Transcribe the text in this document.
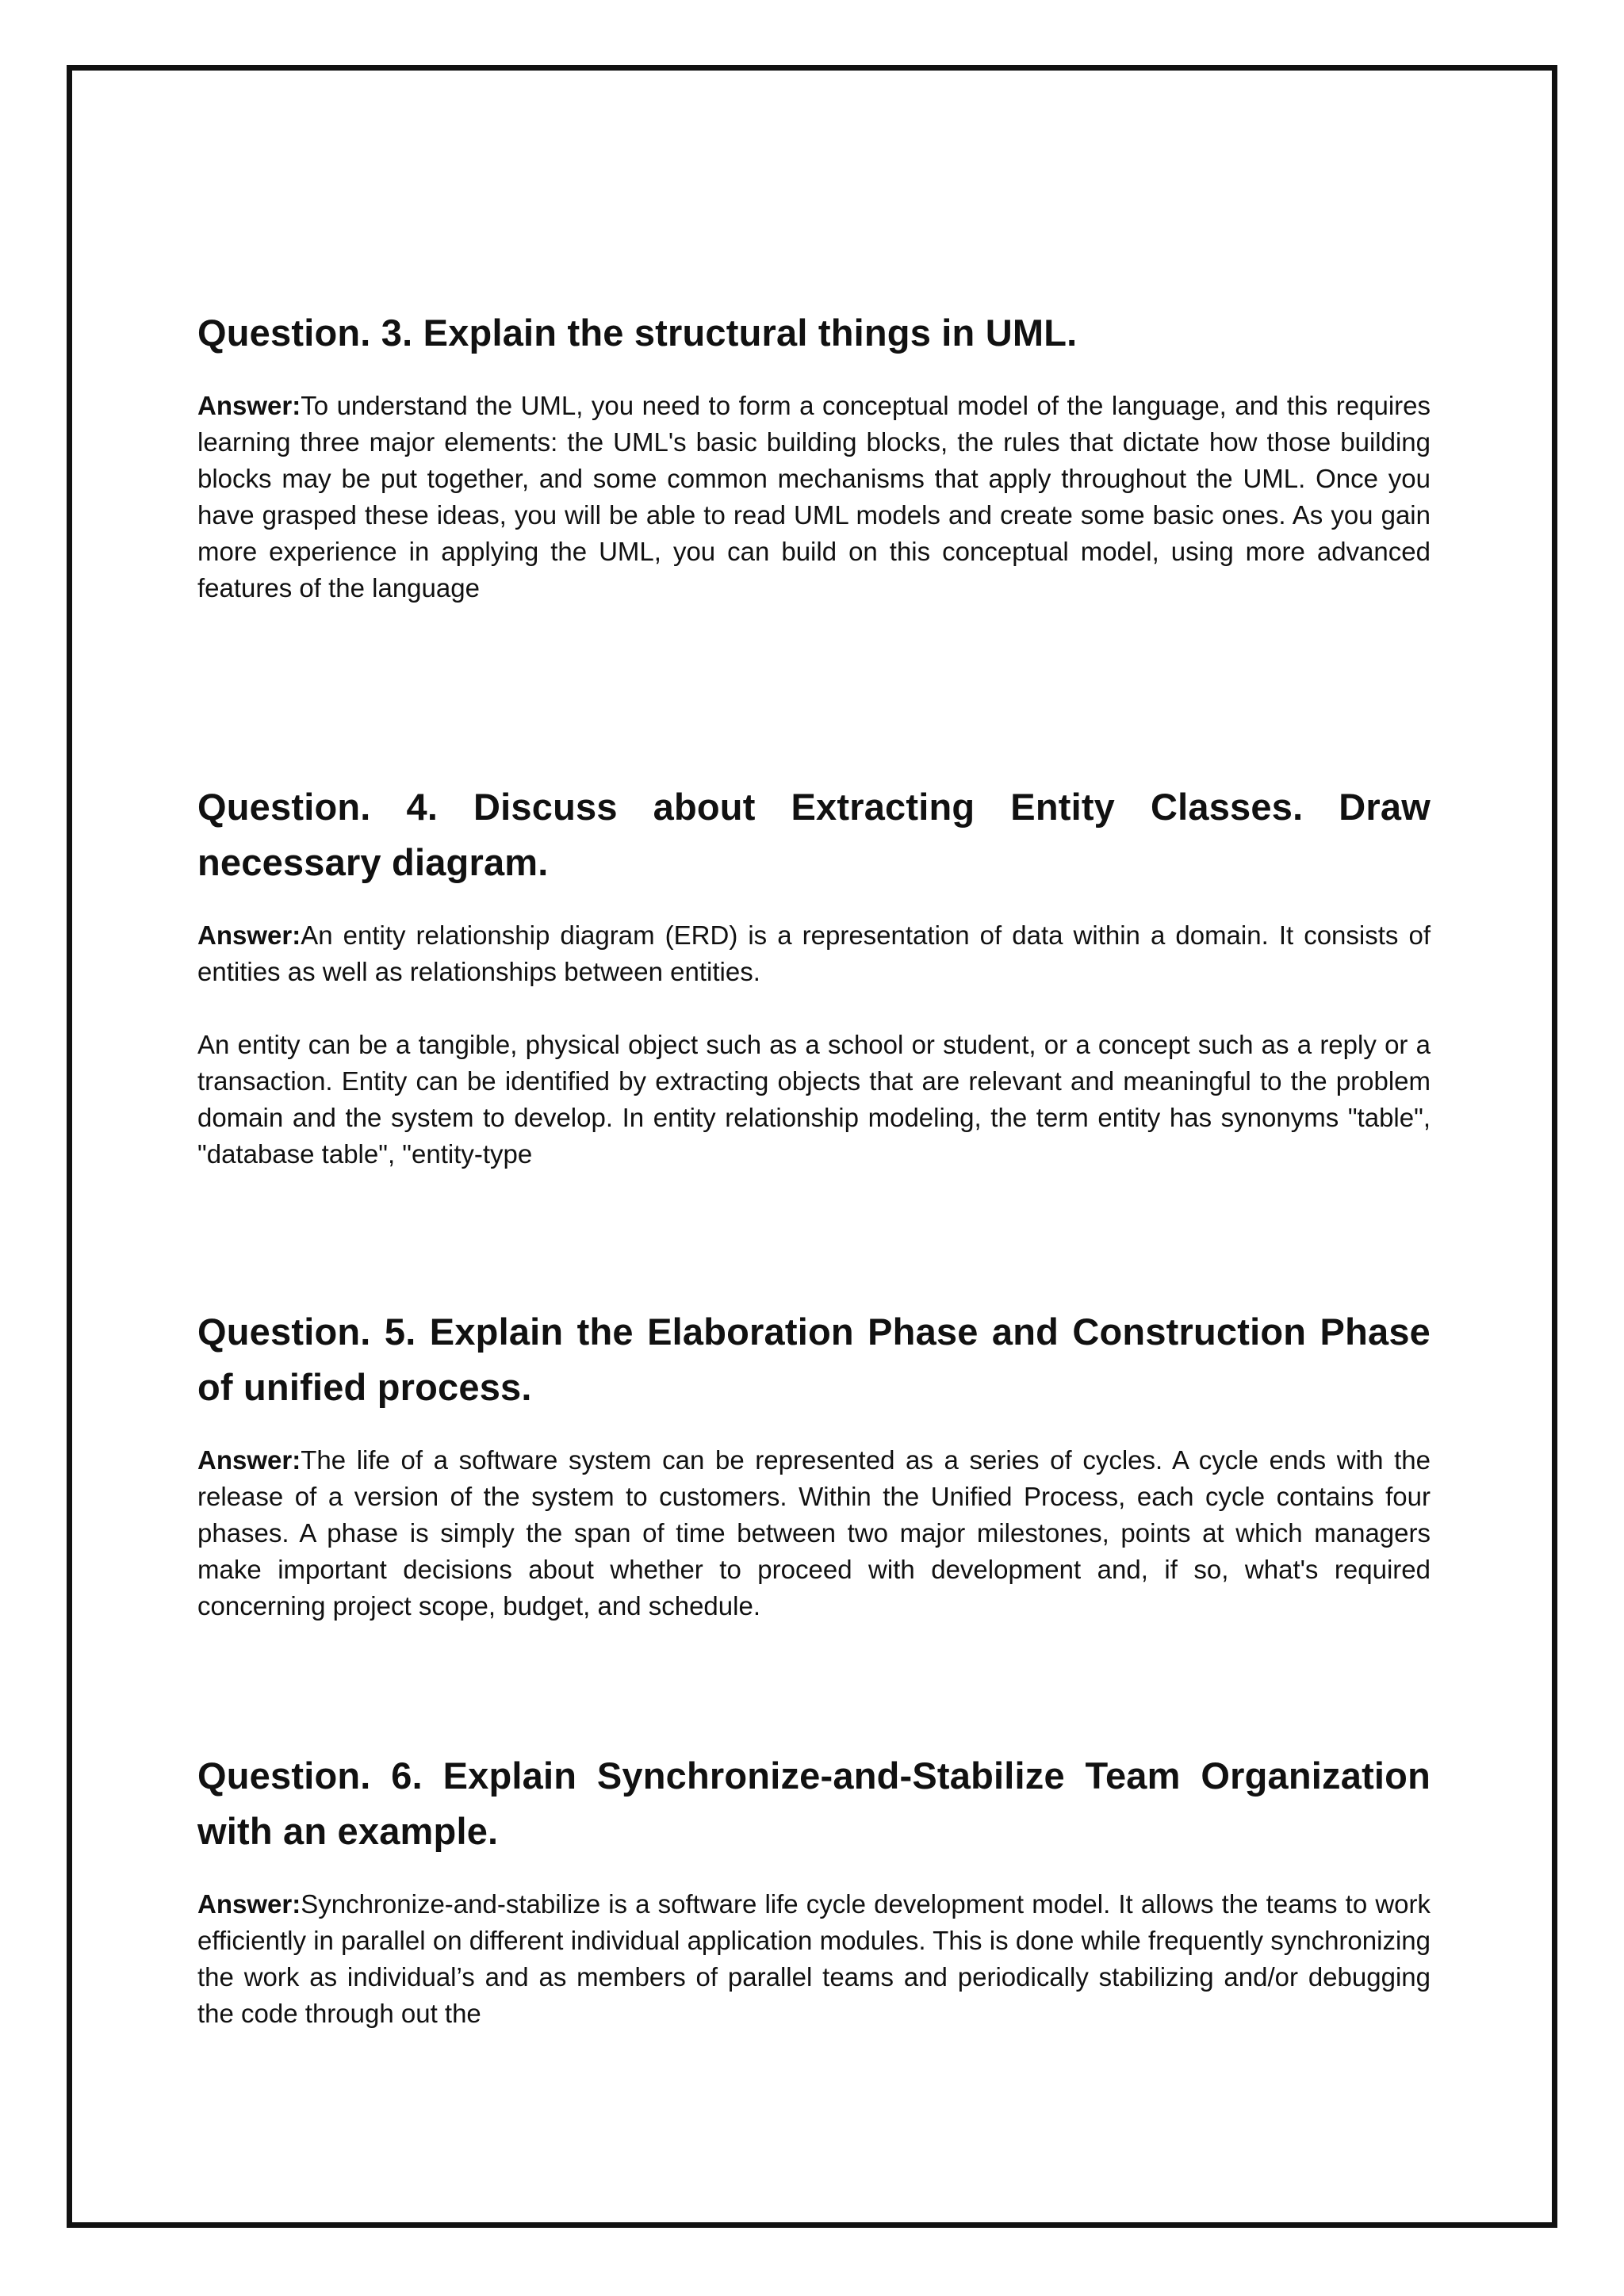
Question. 3. Explain the structural things in UML.

Answer:To understand the UML, you need to form a conceptual model of the language, and this requires learning three major elements: the UML's basic building blocks, the rules that dictate how those building blocks may be put together, and some common mechanisms that apply throughout the UML. Once you have grasped these ideas, you will be able to read UML models and create some basic ones. As you gain more experience in applying the UML, you can build on this conceptual model, using more advanced features of the language

Question. 4. Discuss about Extracting Entity Classes. Draw necessary diagram.

Answer:An entity relationship diagram (ERD) is a representation of data within a domain. It consists of entities as well as relationships between entities.

An entity can be a tangible, physical object such as a school or student, or a concept such as a reply or a transaction. Entity can be identified by extracting objects that are relevant and meaningful to the problem domain and the system to develop. In entity relationship modeling, the term entity has synonyms "table", "database table", "entity-type

Question. 5. Explain the Elaboration Phase and Construction Phase of unified process.

Answer:The life of a software system can be represented as a series of cycles. A cycle ends with the release of a version of the system to customers. Within the Unified Process, each cycle contains four phases. A phase is simply the span of time between two major milestones, points at which managers make important decisions about whether to proceed with development and, if so, what's required concerning project scope, budget, and schedule.

Question. 6. Explain Synchronize-and-Stabilize Team Organization with an example.

Answer:Synchronize-and-stabilize is a software life cycle development model. It allows the teams to work efficiently in parallel on different individual application modules. This is done while frequently synchronizing the work as individual’s and as members of parallel teams and periodically stabilizing and/or debugging the code through out the
